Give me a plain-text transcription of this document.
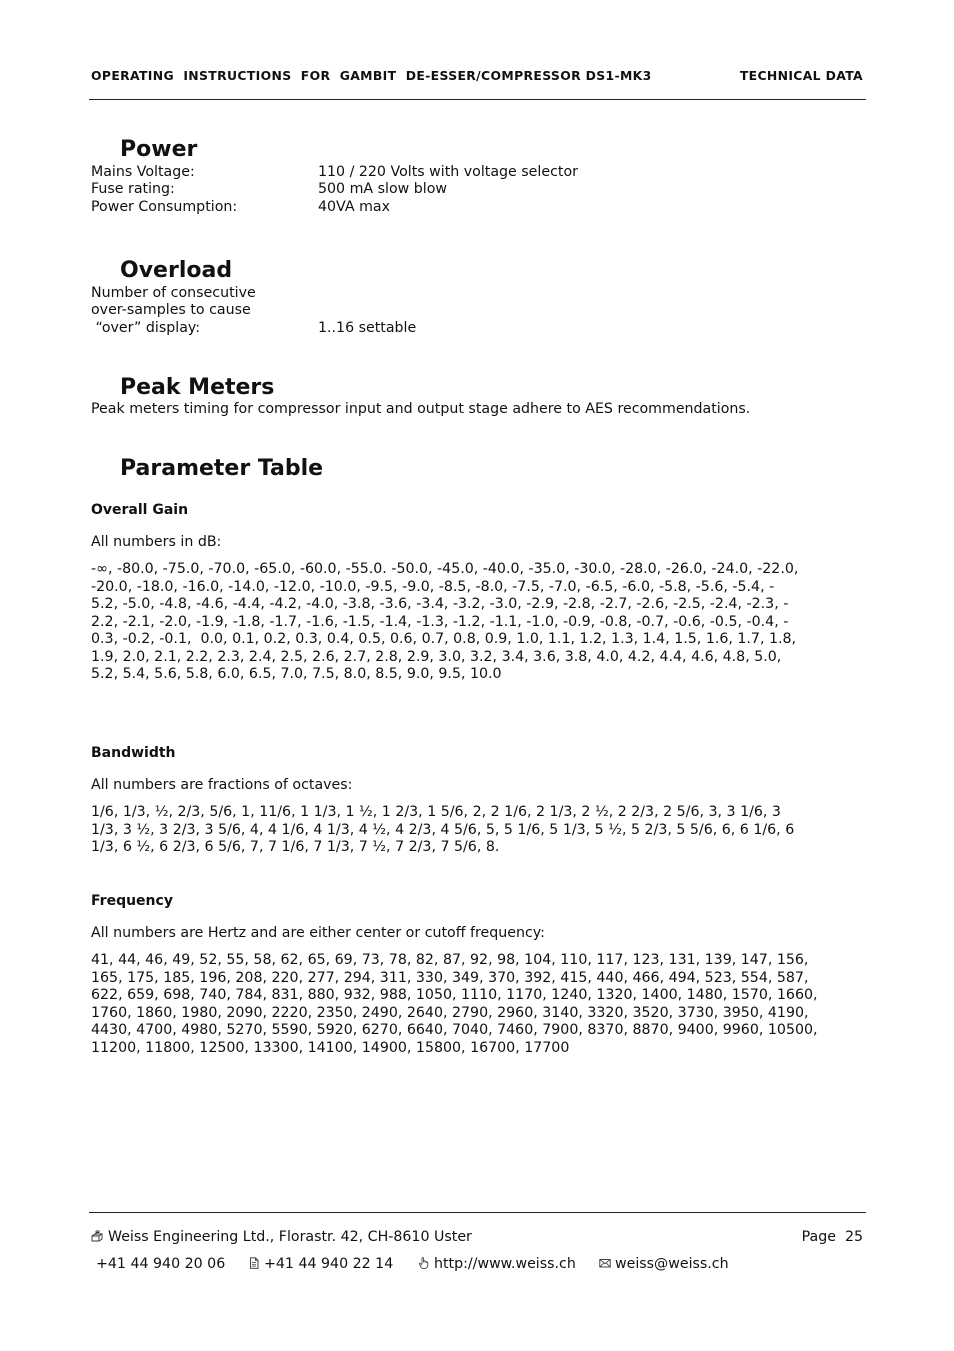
OPERATING  INSTRUCTIONS  FOR  GAMBIT  DE-ESSER/COMPRESSOR DS1-MK3	TECHNICAL DATA
Power
Mains Voltage:	110 / 220 Volts with voltage selector
Fuse rating:	500 mA slow blow
Power Consumption:	40VA max
Overload
Number of consecutive
over-samples to cause
“over” display:	1..16 settable
Peak Meters
Peak meters timing for compressor input and output stage adhere to AES recommendations.
Parameter Table
Overall Gain
All numbers in dB:
-∞, -80.0, -75.0, -70.0, -65.0, -60.0, -55.0. -50.0, -45.0, -40.0, -35.0, -30.0, -28.0, -26.0, -24.0, -22.0,
-20.0, -18.0, -16.0, -14.0, -12.0, -10.0, -9.5, -9.0, -8.5, -8.0, -7.5, -7.0, -6.5, -6.0, -5.8, -5.6, -5.4, -
5.2, -5.0, -4.8, -4.6, -4.4, -4.2, -4.0, -3.8, -3.6, -3.4, -3.2, -3.0, -2.9, -2.8, -2.7, -2.6, -2.5, -2.4, -2.3, -
2.2, -2.1, -2.0, -1.9, -1.8, -1.7, -1.6, -1.5, -1.4, -1.3, -1.2, -1.1, -1.0, -0.9, -0.8, -0.7, -0.6, -0.5, -0.4, -
0.3, -0.2, -0.1,  0.0, 0.1, 0.2, 0.3, 0.4, 0.5, 0.6, 0.7, 0.8, 0.9, 1.0, 1.1, 1.2, 1.3, 1.4, 1.5, 1.6, 1.7, 1.8,
1.9, 2.0, 2.1, 2.2, 2.3, 2.4, 2.5, 2.6, 2.7, 2.8, 2.9, 3.0, 3.2, 3.4, 3.6, 3.8, 4.0, 4.2, 4.4, 4.6, 4.8, 5.0,
5.2, 5.4, 5.6, 5.8, 6.0, 6.5, 7.0, 7.5, 8.0, 8.5, 9.0, 9.5, 10.0
Bandwidth
All numbers are fractions of octaves:
1/6, 1/3, ½, 2/3, 5/6, 1, 11/6, 1 1/3, 1 ½, 1 2/3, 1 5/6, 2, 2 1/6, 2 1/3, 2 ½, 2 2/3, 2 5/6, 3, 3 1/6, 3
1/3, 3 ½, 3 2/3, 3 5/6, 4, 4 1/6, 4 1/3, 4 ½, 4 2/3, 4 5/6, 5, 5 1/6, 5 1/3, 5 ½, 5 2/3, 5 5/6, 6, 6 1/6, 6
1/3, 6 ½, 6 2/3, 6 5/6, 7, 7 1/6, 7 1/3, 7 ½, 7 2/3, 7 5/6, 8.
Frequency
All numbers are Hertz and are either center or cutoff frequency:
41, 44, 46, 49, 52, 55, 58, 62, 65, 69, 73, 78, 82, 87, 92, 98, 104, 110, 117, 123, 131, 139, 147, 156,
165, 175, 185, 196, 208, 220, 277, 294, 311, 330, 349, 370, 392, 415, 440, 466, 494, 523, 554, 587,
622, 659, 698, 740, 784, 831, 880, 932, 988, 1050, 1110, 1170, 1240, 1320, 1400, 1480, 1570, 1660,
1760, 1860, 1980, 2090, 2220, 2350, 2490, 2640, 2790, 2960, 3140, 3320, 3520, 3730, 3950, 4190,
4430, 4700, 4980, 5270, 5590, 5920, 6270, 6640, 7040, 7460, 7900, 8370, 8870, 9400, 9960, 10500,
11200, 11800, 12500, 13300, 14100, 14900, 15800, 16700, 17700
Weiss Engineering Ltd., Florastr. 42, CH-8610 Uster	Page  25
+41 44 940 20 06	+41 44 940 22 14	http://www.weiss.ch	weiss@weiss.ch
